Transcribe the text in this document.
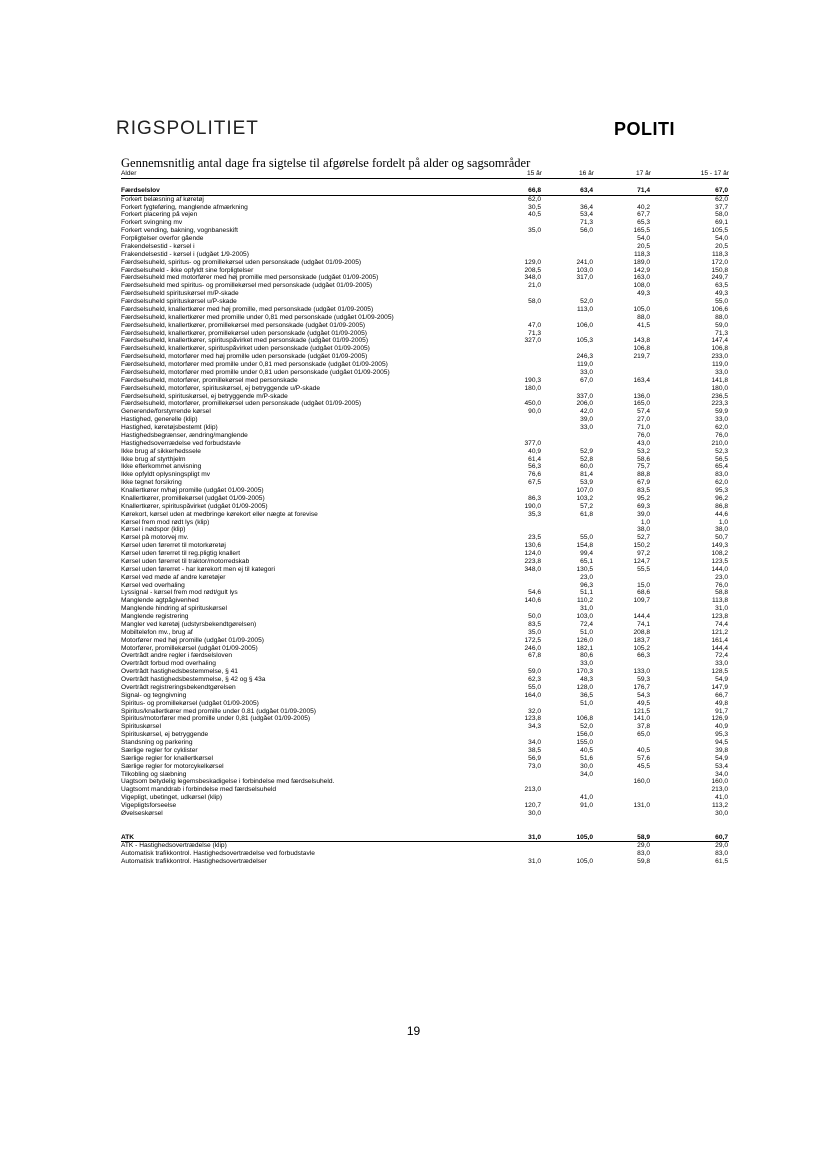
RIGSPOLITIET	POLITI
Gennemsnitlig antal dage fra sigtelse til afgørelse fordelt på alder og sagsområder
Alder	15 år	16 år	17 år	15 - 17 år

Færdselslov	66,8	63,4	71,4	67,0
Forkert belæsning af køretøj	62,0			62,0
Forkert fygteføring, manglende afmærkning	30,5	36,4	40,2	37,7
Forkert placering på vejen	40,5	53,4	67,7	58,0
Forkert svingning mv		71,3	65,3	69,1
Forkert vending, bakning, vognbaneskift	35,0	56,0	165,5	105,5
Forpligtelser overfor gående			54,0	54,0
Frakendelsestid - kørsel i			20,5	20,5
Frakendelsestid - kørsel i (udgået 1/9-2005)			118,3	118,3
Færdselsuheld, spiritus- og promillekørsel uden personskade (udgået 01/09-2005)	129,0	241,0	189,0	172,0
Færdselsuheld - ikke opfyldt sine forpligtelser	208,5	103,0	142,9	150,8
Færdselsuheld med motorfører med høj promille med personskade (udgået 01/09-2005)	348,0	317,0	163,0	249,7
Færdselsuheld med spiritus- og promillekørsel med personskade (udgået 01/09-2005)	21,0		108,0	63,5
Færdselsuheld spirituskørsel m/P-skade			49,3	49,3
Færdselsuheld spirituskørsel u/P-skade	58,0	52,0		55,0
Færdselsuheld, knallertkører med høj promille, med personskade (udgået 01/09-2005)		113,0	105,0	106,6
Færdselsuheld, knallertkører med promille under 0,81 med personskade (udgået 01/09-2005)			88,0	88,0
Færdselsuheld, knallertkører, promillekørsel med personskade (udgået 01/09-2005)	47,0	106,0	41,5	59,0
Færdselsuheld, knallertkører, promillekørsel uden personskade (udgået 01/09-2005)	71,3			71,3
Færdselsuheld, knallertkører, spirituspåvirket med personskade (udgået 01/09-2005)	327,0	105,3	143,8	147,4
Færdselsuheld, knallertkører, spirituspåvirket uden personskade (udgået 01/09-2005)			106,8	106,8
Færdselsuheld, motorfører med høj promille uden personskade (udgået 01/09-2005)		246,3	219,7	233,0
Færdselsuheld, motorfører med promille under 0,81 med personskade (udgået 01/09-2005)		119,0		119,0
Færdselsuheld, motorfører med promille under 0,81 uden personskade (udgået 01/09-2005)		33,0		33,0
Færdselsuheld, motorfører, promillekørsel med personskade	190,3	67,0	163,4	141,8
Færdselsuheld, motorfører, spirituskørsel, ej betryggende u/P-skade	180,0			180,0
Færdselsuheld, spirituskørsel, ej betryggende m/P-skade		337,0	136,0	236,5
Færdselsuheld, motorfører, promillekørsel uden personskade (udgået 01/09-2005)	450,0	206,0	165,0	223,3
Generende/forstyrrende kørsel	90,0	42,0	57,4	59,9
Hastighed, generelle (klip)		39,0	27,0	33,0
Hastighed, køretøjsbestemt (klip)		33,0	71,0	62,0
Hastighedsbegrænser, ændring/manglende			76,0	76,0
Hastighedsoverrædelse ved forbudstavle	377,0		43,0	210,0
Ikke brug af sikkerhedssele	40,9	52,9	53,2	52,3
Ikke brug af styrthjelm	61,4	52,8	58,6	56,5
Ikke efterkommet anvisning	56,3	60,0	75,7	65,4
Ikke opfyldt oplysningspligt mv	76,6	81,4	88,8	83,0
Ikke tegnet forsikring	67,5	53,9	67,9	62,0
Knallertkører m/høj promille (udgået 01/09-2005)		107,0	83,5	95,3
Knallertkører, promillekørsel (udgået 01/09-2005)	86,3	103,2	95,2	96,2
Knallertkører, spirituspåvirket (udgået 01/09-2005)	190,0	57,2	69,3	86,8
Kørekort, kørsel uden at medbringe kørekort eller nægte at forevise	35,3	61,8	39,0	44,6
Kørsel frem mod rødt lys (klip)			1,0	1,0
Kørsel i nødspor (klip)			38,0	38,0
Kørsel på motorvej mv.	23,5	55,0	52,7	50,7
Kørsel uden førerret til motorkøretøj	130,6	154,8	150,2	149,3
Kørsel uden førerret til reg.pligtig knallert	124,0	99,4	97,2	108,2
Kørsel uden førerret til traktor/motorredskab	223,8	65,1	124,7	123,5
Kørsel uden førerret - har kørekort men ej til kategori	348,0	130,5	55,5	144,0
Kørsel ved møde af andre køretøjer		23,0		23,0
Kørsel ved overhaling		96,3	15,0	76,0
Lyssignal - kørsel frem mod rødt/gult lys	54,6	51,1	68,6	58,8
Manglende agtpågivenhed	140,6	110,2	109,7	113,8
Manglende hindring af spirituskørsel		31,0		31,0
Manglende registrering	50,0	103,0	144,4	123,8
Mangler ved køretøj (udstyrsbekendtgørelsen)	83,5	72,4	74,1	74,4
Mobiltelefon mv., brug af	35,0	51,0	208,8	121,2
Motorfører med høj promille (udgået 01/09-2005)	172,5	126,0	183,7	161,4
Motorfører, promillekørsel (udgået 01/09-2005)	246,0	182,1	105,2	144,4
Overtrådt andre regler i færdselsloven	67,8	80,6	66,3	72,4
Overtrådt forbud mod overhaling		33,0		33,0
Overtrådt hastighedsbestemmelse, § 41	59,0	170,3	133,0	128,5
Overtrådt hastighedsbestemmelse, § 42 og § 43a	62,3	48,3	59,3	54,9
Overtrådt registreringsbekendtgørelsen	55,0	128,0	176,7	147,9
Signal- og tegngivning	164,0	36,5	54,3	66,7
Spiritus- og promillekørsel (udgået 01/09-2005)		51,0	49,5	49,8
Spiritus/knallertkører med promille under 0.81 (udgået 01/09-2005)	32,0		121,5	91,7
Spiritus/motorfører med promille under 0,81 (udgået 01/09-2005)	123,8	106,8	141,0	126,9
Spirituskørsel	34,3	52,0	37,8	40,9
Spirituskørsel, ej betryggende		156,0	65,0	95,3
Standsning og parkering	34,0	155,0		94,5
Særlige regler for cyklister	38,5	40,5	40,5	39,8
Særlige regler for knallertkørsel	56,9	51,6	57,6	54,9
Særlige regler for motorcykelkørsel	73,0	30,0	45,5	53,4
Tilkobling og slæbning		34,0		34,0
Uagtsom betydelig legemsbeskadigelse i forbindelse med færdselsuheld.			160,0	160,0
Uagtsomt manddrab i forbindelse med færdselsuheld	213,0			213,0
Vigepligt, ubetinget, udkørsel (klip)		41,0		41,0
Vigepligtsforseelse	120,7	91,0	131,0	113,2
Øvelseskørsel	30,0			30,0

ATK	31,0	105,0	58,9	60,7
ATK - Hastighedsovertrædelse (klip)			29,0	29,0
Automatisk trafikkontrol. Hastighedsovertrædelse ved forbudstavle			83,0	83,0
Automatisk trafikkontrol. Hastighedsovertrædelser	31,0	105,0	59,8	61,5
19
